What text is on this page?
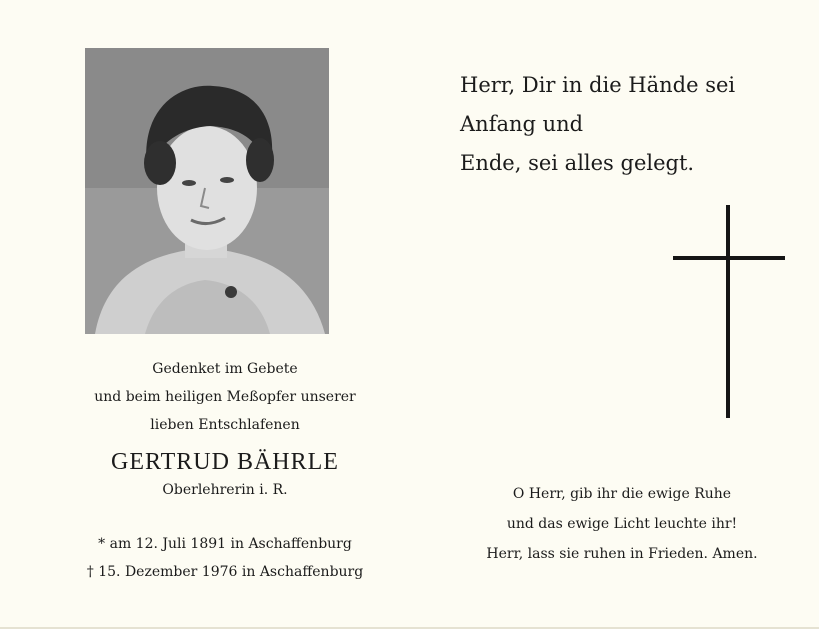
Gedenket im Gebete
und beim heiligen Meßopfer unserer
lieben Entschlafenen
GERTRUD BÄHRLE
Oberlehrerin i. R.
* am 12. Juli 1891 in Aschaffenburg
† 15. Dezember 1976 in Aschaffenburg
Herr, Dir in die Hände sei
Anfang und
Ende, sei alles gelegt.
O Herr, gib ihr die ewige Ruhe
und das ewige Licht leuchte ihr!
Herr, lass sie ruhen in Frieden. Amen.
